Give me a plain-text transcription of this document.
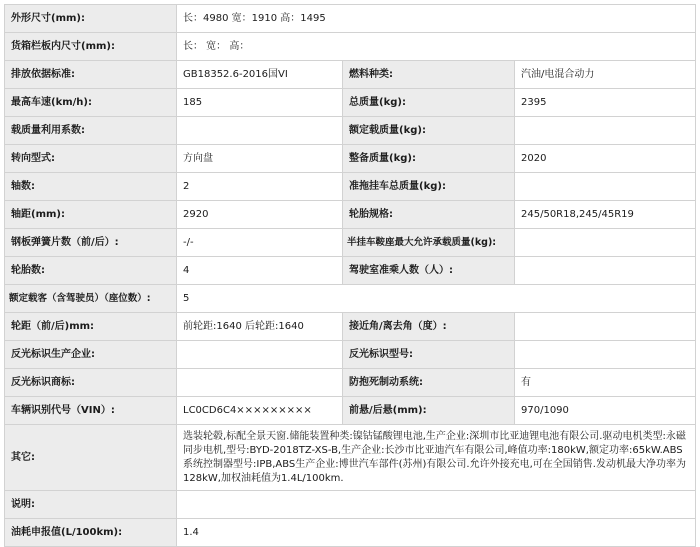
外形尺寸(mm):	长：4980 宽：1910 高：1495		
货箱栏板内尺寸(mm):	长： 宽： 高：		
排放依据标准:	GB18352.6-2016国VI	燃料种类:	汽油/电混合动力
最高车速(km/h):	185	总质量(kg):	2395
载质量利用系数:		额定载质量(kg):	
转向型式:	方向盘	整备质量(kg):	2020
轴数:	2	准拖挂车总质量(kg):	
轴距(mm):	2920	轮胎规格:	245/50R18,245/45R19
钢板弹簧片数（前/后）:	-/-	半挂车鞍座最大允许承载质量(kg):	
轮胎数:	4	驾驶室准乘人数（人）:	
额定载客（含驾驶员）（座位数）:	5		
轮距（前/后)mm:	前轮距:1640 后轮距:1640	接近角/离去角（度）:	
反光标识生产企业:		反光标识型号:	
反光标识商标:		防抱死制动系统:	有
车辆识别代号（VIN）:	LC0CD6C4×××××××××	前悬/后悬(mm):	970/1090
其它:	选装轮毂,标配全景天窗.储能装置种类:镍钴锰酸锂电池,生产企业:深圳市比亚迪锂电池有限公司.驱动电机类型:永磁同步电机,型号:BYD-2018TZ-XS-B,生产企业:长沙市比亚迪汽车有限公司,峰值功率:180kW,额定功率:65kW.ABS系统控制器型号:IPB,ABS生产企业:博世汽车部件(苏州)有限公司.允许外接充电,可在全国销售.发动机最大净功率为128kW,加权油耗值为1.4L/100km.		
说明:			
油耗申报值(L/100km):	1.4		
